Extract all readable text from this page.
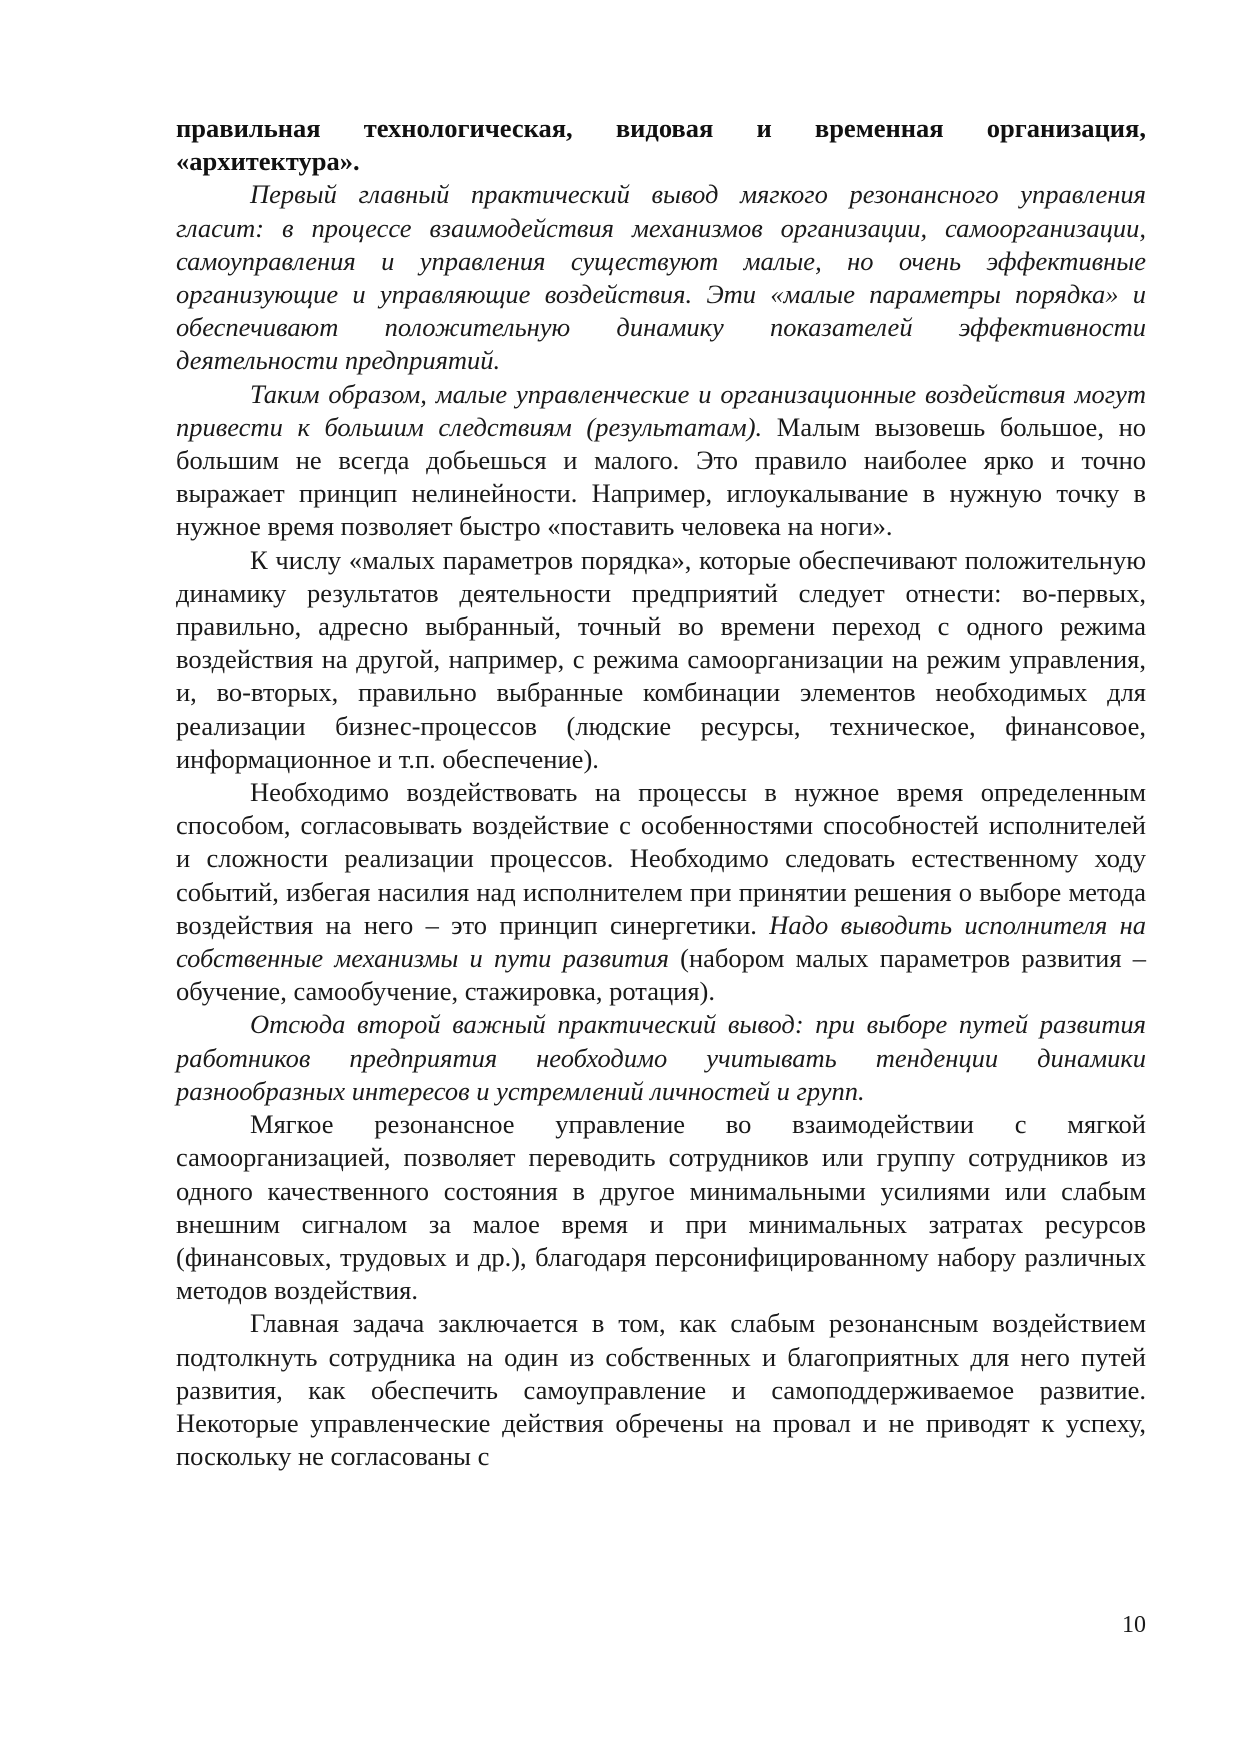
правильная технологическая, видовая и временная организация, «архитектура».

Первый главный практический вывод мягкого резонансного управления гласит: в процессе взаимодействия механизмов организации, самоорганизации, самоуправления и управления существуют малые, но очень эффективные организующие и управляющие воздействия. Эти «малые параметры порядка» и обеспечивают положительную динамику показателей эффективности деятельности предприятий.

Таким образом, малые управленческие и организационные воздействия могут привести к большим следствиям (результатам). Малым вызовешь большое, но большим не всегда добьешься и малого. Это правило наиболее ярко и точно выражает принцип нелинейности. Например, иглоукалывание в нужную точку в нужное время позволяет быстро «поставить человека на ноги».

К числу «малых параметров порядка», которые обеспечивают положительную динамику результатов деятельности предприятий следует отнести: во-первых, правильно, адресно выбранный, точный во времени переход с одного режима воздействия на другой, например, с режима самоорганизации на режим управления, и, во-вторых, правильно выбранные комбинации элементов необходимых для реализации бизнес-процессов (людские ресурсы, техническое, финансовое, информационное и т.п. обеспечение).

Необходимо воздействовать на процессы в нужное время определенным способом, согласовывать воздействие с особенностями способностей исполнителей и сложности реализации процессов. Необходимо следовать естественному ходу событий, избегая насилия над исполнителем при принятии решения о выборе метода воздействия на него – это принцип синергетики. Надо выводить исполнителя на собственные механизмы и пути развития (набором малых параметров развития – обучение, самообучение, стажировка, ротация).

Отсюда второй важный практический вывод: при выборе путей развития работников предприятия необходимо учитывать тенденции динамики разнообразных интересов и устремлений личностей и групп.

Мягкое резонансное управление во взаимодействии с мягкой самоорганизацией, позволяет переводить сотрудников или группу сотрудников из одного качественного состояния в другое минимальными усилиями или слабым внешним сигналом за малое время и при минимальных затратах ресурсов (финансовых, трудовых и др.), благодаря персонифицированному набору различных методов воздействия.

Главная задача заключается в том, как слабым резонансным воздействием подтолкнуть сотрудника на один из собственных и благоприятных для него путей развития, как обеспечить самоуправление и самоподдерживаемое развитие. Некоторые управленческие действия обречены на провал и не приводят к успеху, поскольку не согласованы с

10
